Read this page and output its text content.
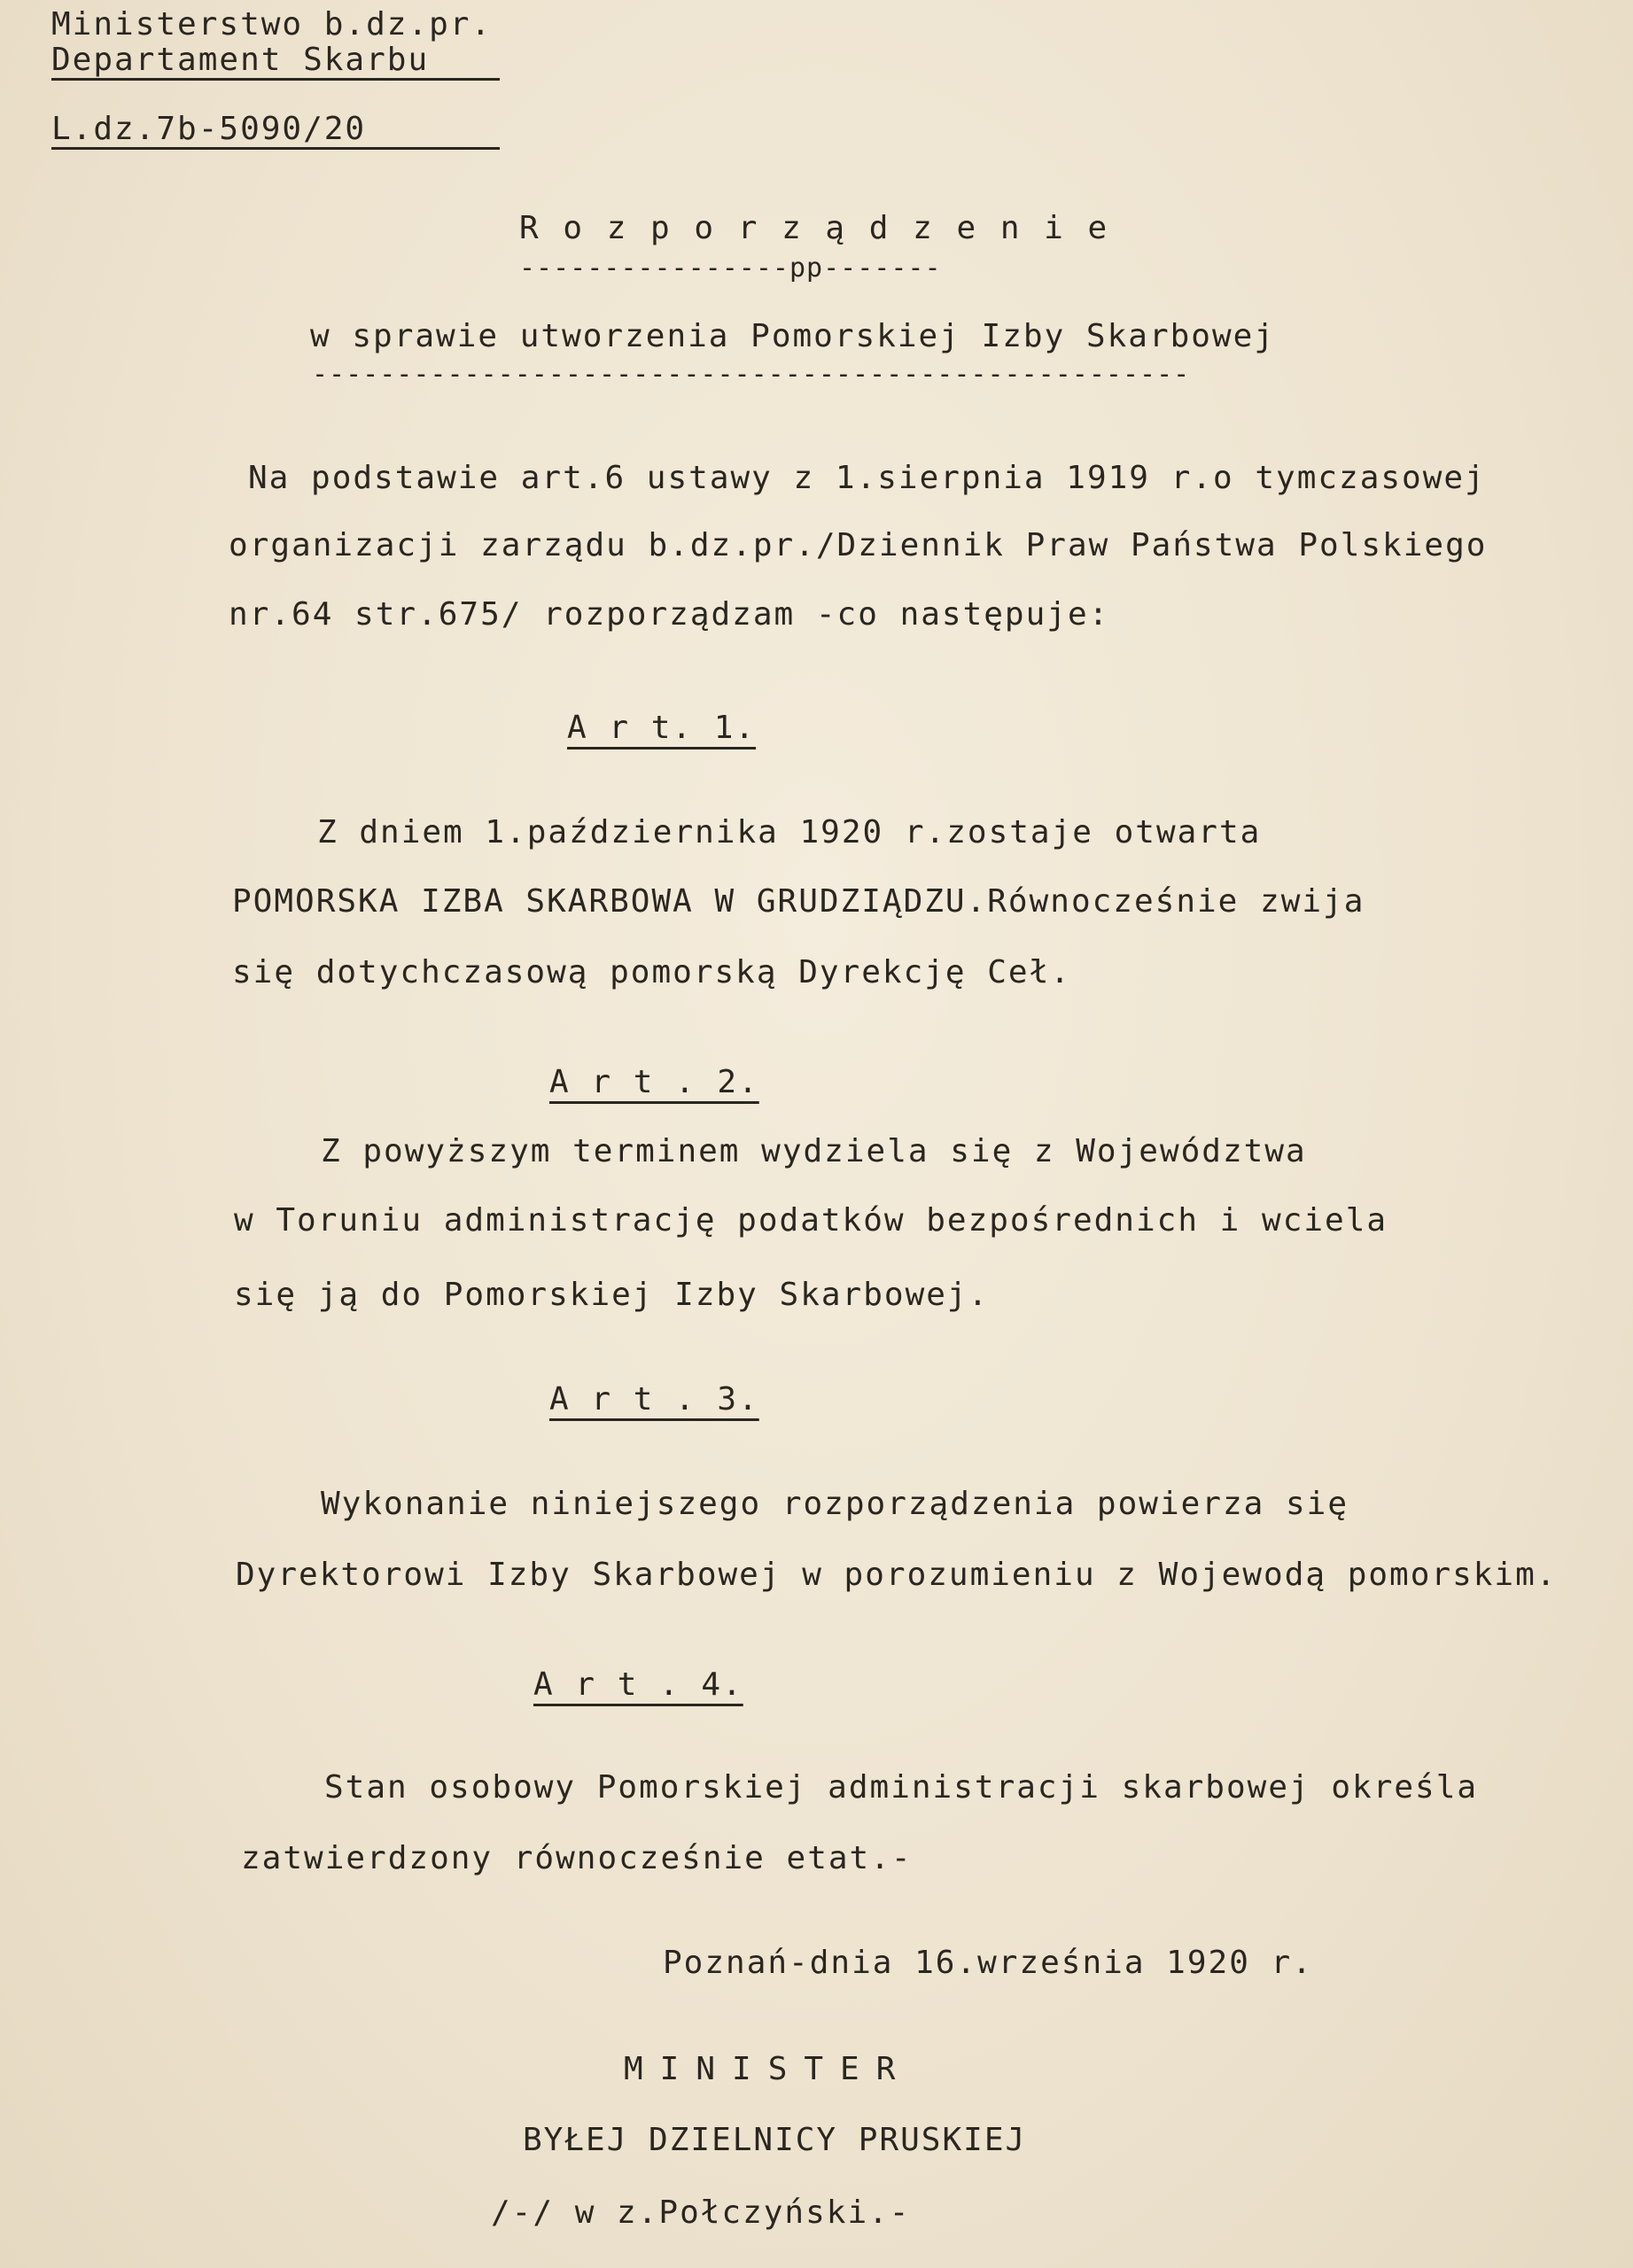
Ministerstwo b.dz.pr.
Departament Skarbu
L.dz.7b-5090/20
R o z p o r z ą d z e n i e
----------------pp-------
w sprawie utworzenia Pomorskiej Izby Skarbowej
----------------------------------------------------
Na podstawie art.6 ustawy z 1.sierpnia 1919 r.o tymczasowej
organizacji zarządu b.dz.pr./Dziennik Praw Państwa Polskiego
nr.64 str.675/ rozporządzam -co następuje:
A r t. 1.
Z dniem 1.października 1920 r.zostaje otwarta
POMORSKA IZBA SKARBOWA W GRUDZIĄDZU.Równocześnie zwija
się dotychczasową pomorską Dyrekcję Ceł.
A r t . 2.
Z powyższym terminem wydziela się z Województwa
w Toruniu administrację podatków bezpośrednich i wciela
się ją do Pomorskiej Izby Skarbowej.
A r t . 3.
Wykonanie niniejszego rozporządzenia powierza się
Dyrektorowi Izby Skarbowej w porozumieniu z Wojewodą pomorskim.
A r t . 4.
Stan osobowy Pomorskiej administracji skarbowej określa
zatwierdzony równocześnie etat.-
Poznań-dnia 16.września 1920 r.
MINISTER
BYŁEJ DZIELNICY PRUSKIEJ
/-/ w z.Połczyński.-
